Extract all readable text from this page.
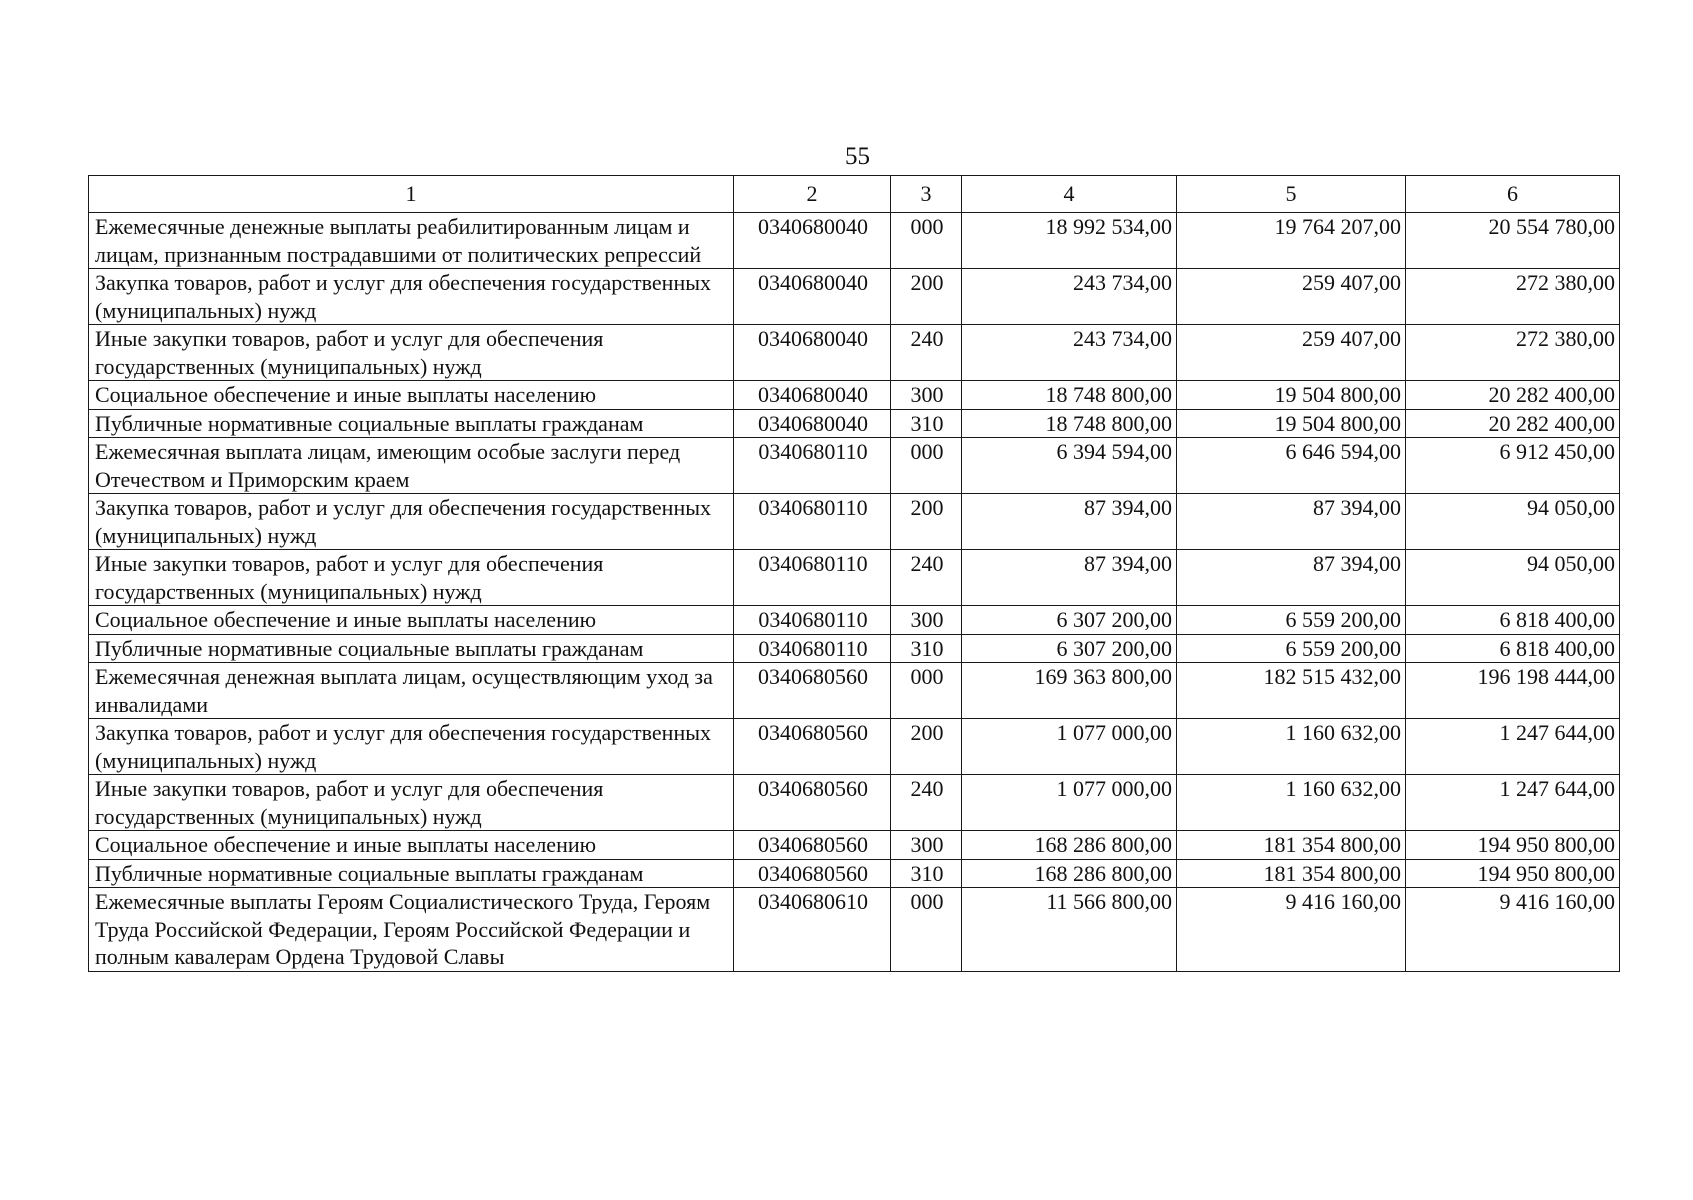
55
1	2	3	4	5	6
Ежемесячные денежные выплаты реабилитированным лицам и лицам, признанным пострадавшими от политических репрессий	0340680040	000	18 992 534,00	19 764 207,00	20 554 780,00
Закупка товаров, работ и услуг для обеспечения государственных (муниципальных) нужд	0340680040	200	243 734,00	259 407,00	272 380,00
Иные закупки товаров, работ и услуг для обеспечения государственных (муниципальных) нужд	0340680040	240	243 734,00	259 407,00	272 380,00
Социальное обеспечение и иные выплаты населению	0340680040	300	18 748 800,00	19 504 800,00	20 282 400,00
Публичные нормативные социальные выплаты гражданам	0340680040	310	18 748 800,00	19 504 800,00	20 282 400,00
Ежемесячная выплата лицам, имеющим особые заслуги перед Отечеством и Приморским краем	0340680110	000	6 394 594,00	6 646 594,00	6 912 450,00
Закупка товаров, работ и услуг для обеспечения государственных (муниципальных) нужд	0340680110	200	87 394,00	87 394,00	94 050,00
Иные закупки товаров, работ и услуг для обеспечения государственных (муниципальных) нужд	0340680110	240	87 394,00	87 394,00	94 050,00
Социальное обеспечение и иные выплаты населению	0340680110	300	6 307 200,00	6 559 200,00	6 818 400,00
Публичные нормативные социальные выплаты гражданам	0340680110	310	6 307 200,00	6 559 200,00	6 818 400,00
Ежемесячная денежная выплата лицам, осуществляющим уход за инвалидами	0340680560	000	169 363 800,00	182 515 432,00	196 198 444,00
Закупка товаров, работ и услуг для обеспечения государственных (муниципальных) нужд	0340680560	200	1 077 000,00	1 160 632,00	1 247 644,00
Иные закупки товаров, работ и услуг для обеспечения государственных (муниципальных) нужд	0340680560	240	1 077 000,00	1 160 632,00	1 247 644,00
Социальное обеспечение и иные выплаты населению	0340680560	300	168 286 800,00	181 354 800,00	194 950 800,00
Публичные нормативные социальные выплаты гражданам	0340680560	310	168 286 800,00	181 354 800,00	194 950 800,00
Ежемесячные выплаты Героям Социалистического Труда, Героям Труда Российской Федерации, Героям Российской Федерации и полным кавалерам Ордена Трудовой Славы	0340680610	000	11 566 800,00	9 416 160,00	9 416 160,00
